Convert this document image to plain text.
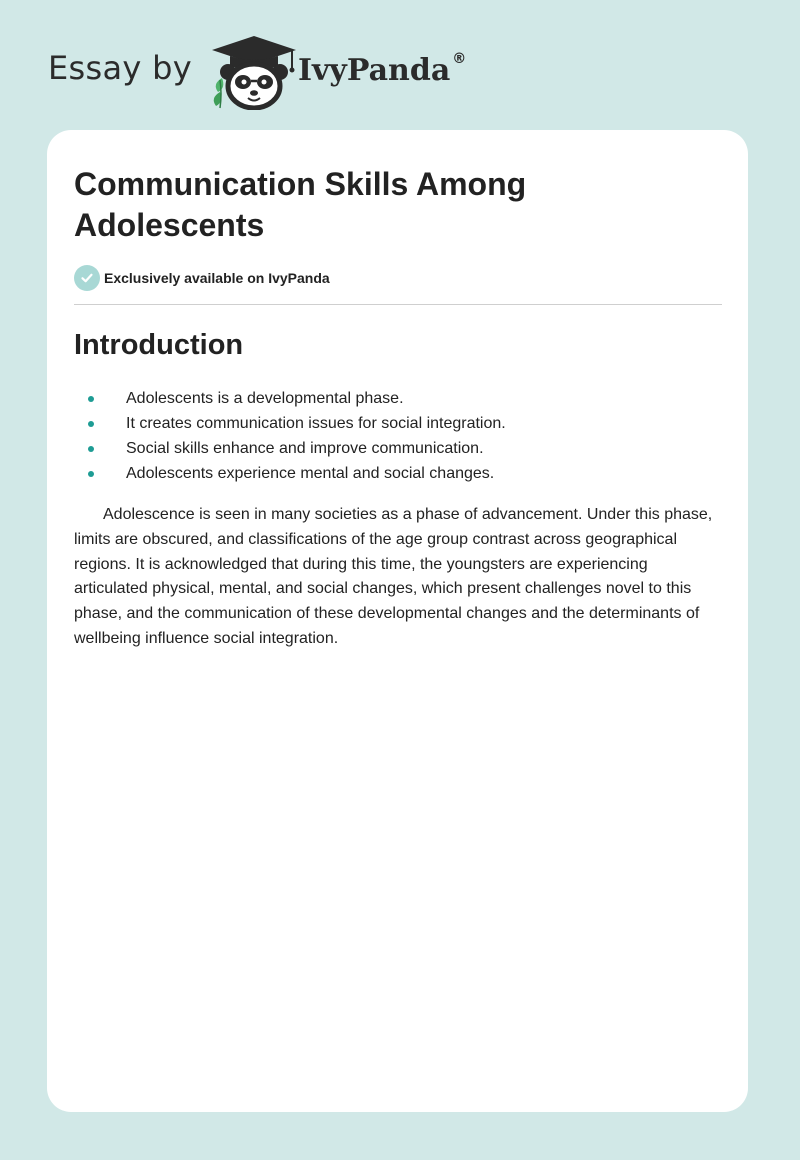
Essay by	IvyPanda ®
Communication Skills Among Adolescents
Exclusively available on IvyPanda
Introduction
Adolescents is a developmental phase.
It creates communication issues for social integration.
Social skills enhance and improve communication.
Adolescents experience mental and social changes.

Adolescence is seen in many societies as a phase of advancement. Under this phase, limits are obscured, and classifications of the age group contrast across geographical regions. It is acknowledged that during this time, the youngsters are experiencing articulated physical, mental, and social changes, which present challenges novel to this phase, and the communication of these developmental changes and the determinants of wellbeing influence social integration.
